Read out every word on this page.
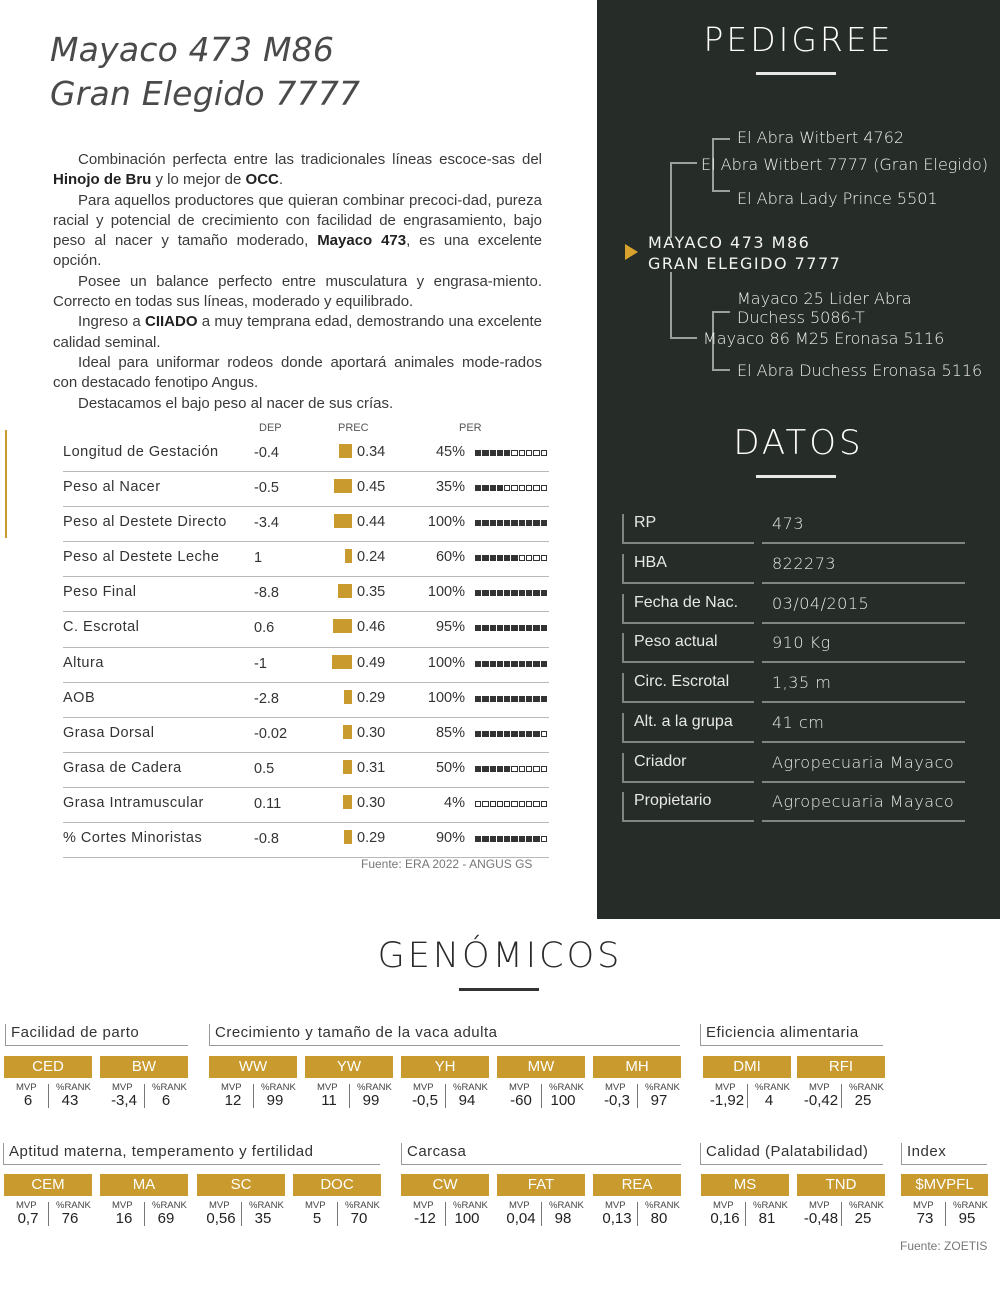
Mayaco 473 M86
Gran Elegido 7777

Combinación perfecta entre las tradicionales líneas escoce-sas del Hinojo de Bru y lo mejor de OCC.

Para aquellos productores que quieran combinar precoci-dad, pureza racial y potencial de crecimiento con facilidad de engrasamiento, bajo peso al nacer y tamaño moderado, Mayaco 473, es una excelente opción.

Posee un balance perfecto entre musculatura y engrasa-miento. Correcto en todas sus líneas, moderado y equilibrado.

Ingreso a CIIADO a muy temprana edad, demostrando una excelente calidad seminal.

Ideal para uniformar rodeos donde aportará animales mode-rados con destacado fenotipo Angus.

Destacamos el bajo peso al nacer de sus crías.

DEP	PREC	PER
Longitud de Gestación -0.4	0.34	45%
Peso al Nacer	-0.5	0.45	35%
Peso al Destete Directo -3.4	0.44	100%
Peso al Destete Leche 1	0.24	60%
Peso Final	-8.8	0.35	100%
C. Escrotal	0.6	0.46	95%
Altura	-1	0.49	100%
AOB	-2.8	0.29	100%
Grasa Dorsal	-0.02	0.30	85%
Grasa de Cadera	0.5	0.31	50%
Grasa Intramuscular	0.11	0.30	4%
% Cortes Minoristas	-0.8	0.29	90%
Fuente: ERA 2022 - ANGUS GS
PEDIGREE
El Abra Witbert 4762
El Abra Witbert 7777 (Gran Elegido)
El Abra Lady Prince 5501
MAYACO 473 M86
GRAN ELEGIDO 7777
Mayaco 25 Lider Abra
Duchess 5086-T
Mayaco 86 M25 Eronasa 5116
El Abra Duchess Eronasa 5116
DATOS
RP	473
HBA	822273
Fecha de Nac.	03/04/2015
Peso actual	910 Kg
Circ. Escrotal	1,35 m
Alt. a la grupa	41 cm
Criador	Agropecuaria Mayaco
Propietario	Agropecuaria Mayaco
GENÓMICOS
Facilidad de parto	Crecimiento y tamaño de la vaca adulta	Eficiencia alimentaria
Aptitud materna, temperamento y fertilidad	Carcasa	Calidad (Palatabilidad)	Index
CED
MVP %RANK
6	43
BW
MVP %RANK
-3,4	6
WW
MVP %RANK
12	99
YW
MVP %RANK
11	99
YH
MVP %RANK
-0,5	94
MW
MVP %RANK
-60	100
MH
MVP %RANK
-0,3	97
DMI
MVP %RANK
-1,92	4
RFI
MVP %RANK
-0,42	25
CEM
MVP %RANK
0,7	76
MA
MVP %RANK
16	69
SC
MVP %RANK
0,56	35
DOC
MVP %RANK
5	70
CW
MVP %RANK
-12	100
FAT
MVP %RANK
0,04	98
REA
MVP %RANK
0,13	80
MS
MVP %RANK
0,16	81
TND
MVP %RANK
-0,48	25
$MVPFL
MVP %RANK
73	95
Fuente: ZOETIS
